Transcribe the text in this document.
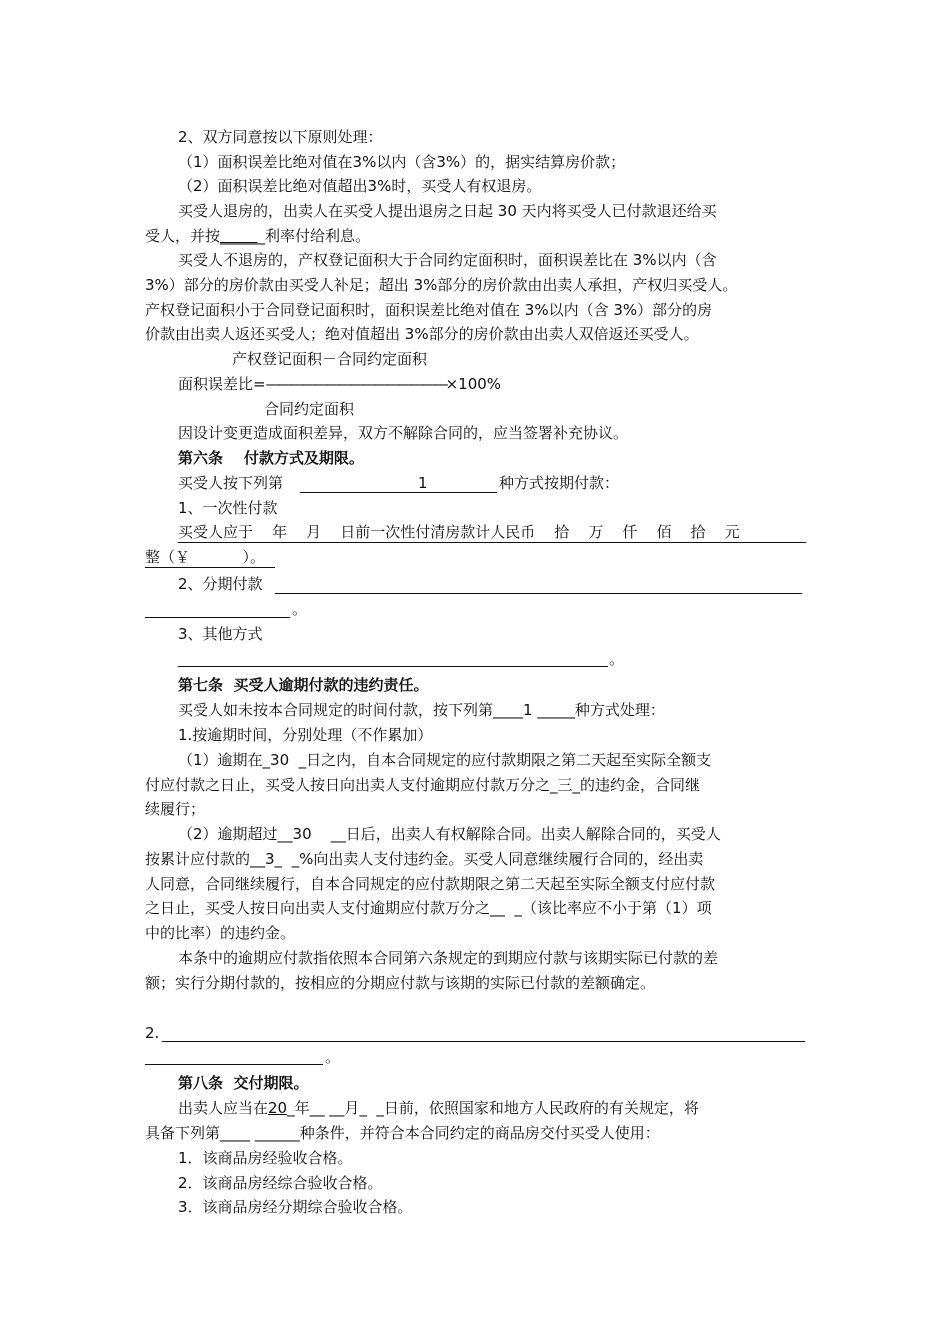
2、双方同意按以下原则处理：
（1）面积误差比绝对值在3%以内（含3%）的，据实结算房价款；
（2）面积误差比绝对值超出3%时，买受人有权退房。
买受人退房的，出卖人在买受人提出退房之日起 30 天内将买受人已付款退还给买
受人，并按______利率付给利息。
买受人不退房的，产权登记面积大于合同约定面积时，面积误差比在 3%以内（含
3%）部分的房价款由买受人补足；超出 3%部分的房价款由出卖人承担，产权归买受人。
产权登记面积小于合同登记面积时，面积误差比绝对值在 3%以内（含 3%）部分的房
价款由出卖人返还买受人；绝对值超出 3%部分的房价款由出卖人双倍返还买受人。
产权登记面积－合同约定面积
面积误差比=———————————————×100%
合同约定面积
因设计变更造成面积差异，双方不解除合同的，应当签署补充协议。
第六条    付款方式及期限。
买受人按下列第	1	种方式按期付款：
1、一次性付款
买受人应于    年    月    日前一次性付清房款计人民币    拾    万    仟    佰    拾    元
整（￥           ）。
2、分期付款
。
3、其他方式
。
第七条  买受人逾期付款的违约责任。
买受人如未按本合同规定的时间付款，按下列第____1 _____种方式处理：
1.按逾期时间，分别处理（不作累加）
（1）逾期在_30  _日之内，自本合同规定的应付款期限之第二天起至实际全额支
付应付款之日止，买受人按日向出卖人支付逾期应付款万分之_三_的违约金，合同继
续履行；
（2）逾期超过__30    __日后，出卖人有权解除合同。出卖人解除合同的，买受人
按累计应付款的__3_  _%向出卖人支付违约金。买受人同意继续履行合同的，经出卖
人同意，合同继续履行，自本合同规定的应付款期限之第二天起至实际全额支付应付款
之日止，买受人按日向出卖人支付逾期应付款万分之__  _（该比率应不小于第（1）项
中的比率）的违约金。
本条中的逾期应付款指依照本合同第六条规定的到期应付款与该期实际已付款的差
额；实行分期付款的，按相应的分期应付款与该期的实际已付款的差额确定。
2.
。
第八条  交付期限。
出卖人应当在20_年__ __月_  _日前，依照国家和地方人民政府的有关规定，将
具备下列第____ ______种条件，并符合本合同约定的商品房交付买受人使用：
1．该商品房经验收合格。
2．该商品房经综合验收合格。
3．该商品房经分期综合验收合格。
